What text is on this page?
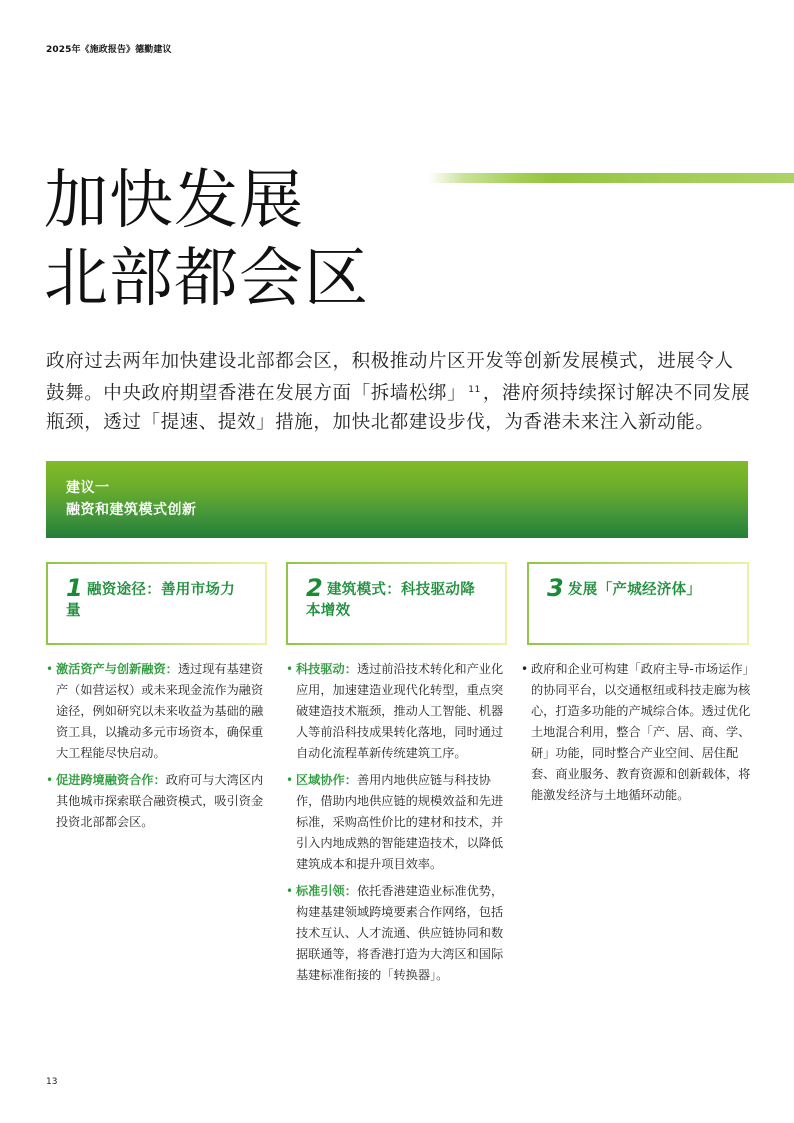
2025年《施政报告》德勤建议
加快发展
北部都会区

政府过去两年加快建设北部都会区，积极推动片区开发等创新发展模式，进展令人鼓舞。中央政府期望香港在发展方面「拆墙松绑」 $^{11}$ ，港府须持续探讨解决不同发展瓶颈，透过「提速、提效」措施，加快北都建设步伐，为香港未来注入新动能。

建议一
融资和建筑模式创新
1 融资途径：善用市场力量
2 建筑模式：科技驱动降本增效
3 发展「产城经济体」
• 激活资产与创新融资：透过现有基建资产（如营运权）或未来现金流作为融资途径，例如研究以未来收益为基础的融资工具，以撬动多元市场资本，确保重大工程能尽快启动。
• 促进跨境融资合作：政府可与大湾区内其他城市探索联合融资模式，吸引资金投资北部都会区。
• 科技驱动：透过前沿技术转化和产业化应用，加速建造业现代化转型，重点突破建造技术瓶颈，推动人工智能、机器人等前沿科技成果转化落地，同时通过自动化流程革新传统建筑工序。
• 区域协作：善用内地供应链与科技协作，借助内地供应链的规模效益和先进标准，采购高性价比的建材和技术，并引入内地成熟的智能建造技术，以降低建筑成本和提升项目效率。
• 标准引领：依托香港建造业标准优势，构建基建领域跨境要素合作网络，包括技术互认、人才流通、供应链协同和数据联通等，将香港打造为大湾区和国际基建标准衔接的「转换器」。
• 政府和企业可构建「政府主导-市场运作」的协同平台，以交通枢纽或科技走廊为核心，打造多功能的产城综合体。透过优化土地混合利用，整合「产、居、商、学、研」功能，同时整合产业空间、居住配套、商业服务、教育资源和创新载体，将能激发经济与土地循环动能。
13
